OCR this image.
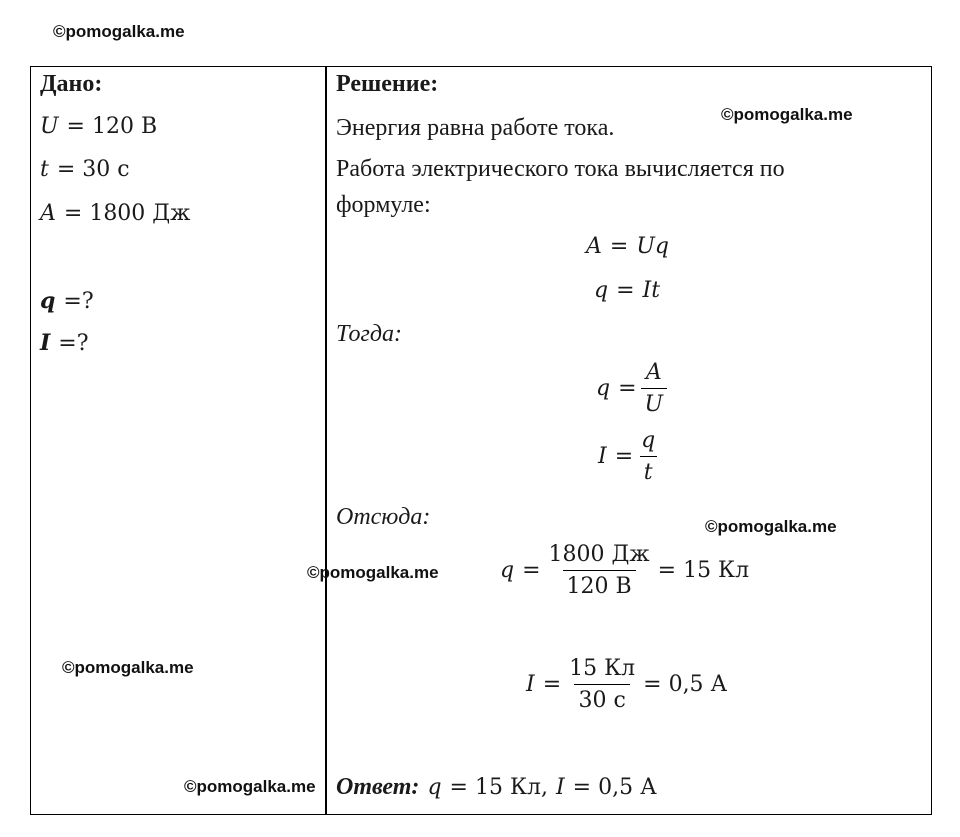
©pomogalka.me
©pomogalka.me
©pomogalka.me
©pomogalka.me
©pomogalka.me
©pomogalka.me
Дано:
U = 120 В
t = 30 с
A = 1800 Дж
q =?
I =?
Решение:
Энергия равна работе тока.
Работа электрического тока вычисляется по
формуле:
A = Uq
q = It
Тогда:
$q = \frac{A}{U}$
$I = \frac{q}{t}$
Отсюда:
$q = \frac{1800 Дж}{120 В} = 15$ Кл
$I = \frac{15 Кл}{30 с} = 0,5$ А
Ответ: q = 15 Кл, I = 0,5 А
